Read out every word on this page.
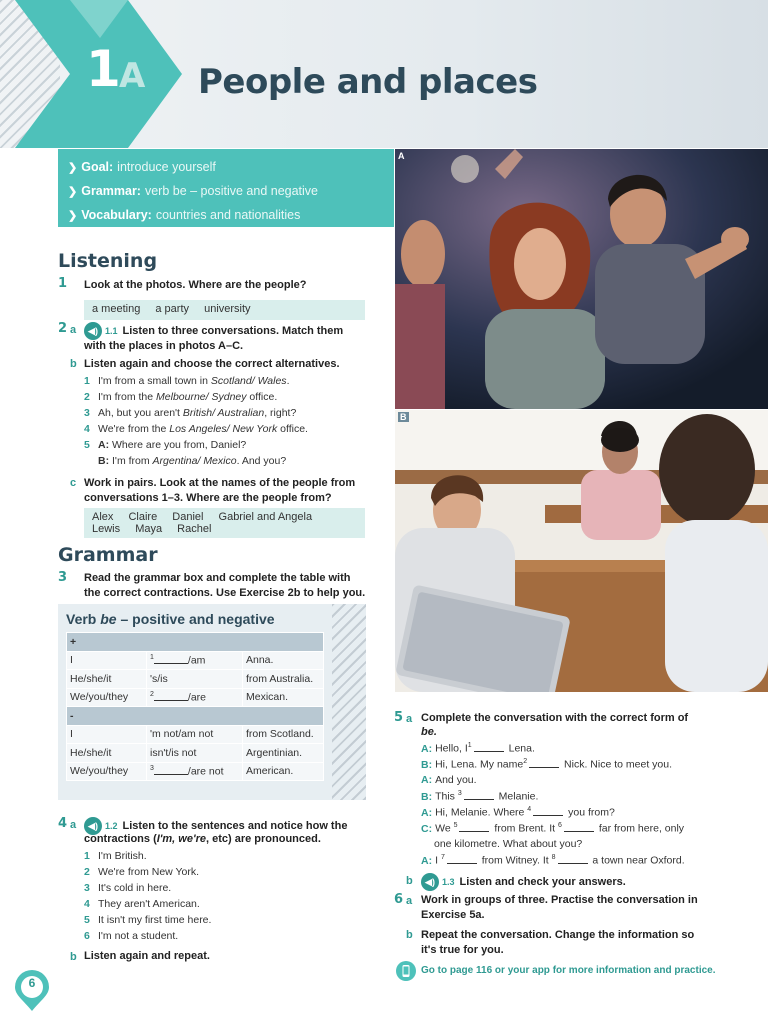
1 A People and places
❯ Goal: introduce yourself
❯ Grammar: verb be – positive and negative
❯ Vocabulary: countries and nationalities
Listening
1 Look at the photos. Where are the people?
a meeting a party university
2 a	◀) 1.1 Listen to three conversations. Match them
with the places in photos A–C.
b Listen again and choose the correct alternatives.
1 I'm from a small town in Scotland/ Wales.
2 I'm from the Melbourne/ Sydney office.
3 Ah, but you aren't British/ Australian, right?
4 We're from the Los Angeles/ New York office.
5 A: Where are you from, Daniel?
B: I'm from Argentina/ Mexico. And you?
c Work in pairs. Look at the names of the people from
conversations 1–3. Where are the people from?
Alex Claire Daniel Gabriel and Angela
Lewis Maya Rachel
Grammar
3 Read the grammar box and complete the table with
the correct contractions. Use Exercise 2b to help you.
Verb be – positive and negative
+		
I	$^1$ /am	Anna.
He/she/it	's/is	from Australia.
We/you/they	$^2$ /are	Mexican.
-		
I	'm not/am not	from Scotland.
He/she/it	isn't/is not	Argentinian.
We/you/they	$^3$ /are not	American.
4 a	◀) 1.2 Listen to the sentences and notice how the
contractions (I'm, we're, etc) are pronounced.
1 I'm British.
2 We're from New York.
3 It's cold in here.
4 They aren't American.
5 It isn't my first time here.
6 I'm not a student.
b Listen again and repeat.
6
A
B
5 a Complete the conversation with the correct form of
be.
A: Hello, $I^1$	Lena.
B: Hi, Lena. My name$^2$	Nick. Nice to meet you.
A: And you.
B: This $^3$	Melanie.
A: Hi, Melanie. Where $^4$	you from?
C: We $^5$	from Brent. It $^6$	far from here, only
one kilometre. What about you?
A: I $^7$	from Witney. It $^8$	a town near Oxford.
b	◀) 1.3 Listen and check your answers.
6 a Work in groups of three. Practise the conversation in
Exercise 5a.
b Repeat the conversation. Change the information so
it's true for you.
Go to page 116 or your app for more information and practice.
